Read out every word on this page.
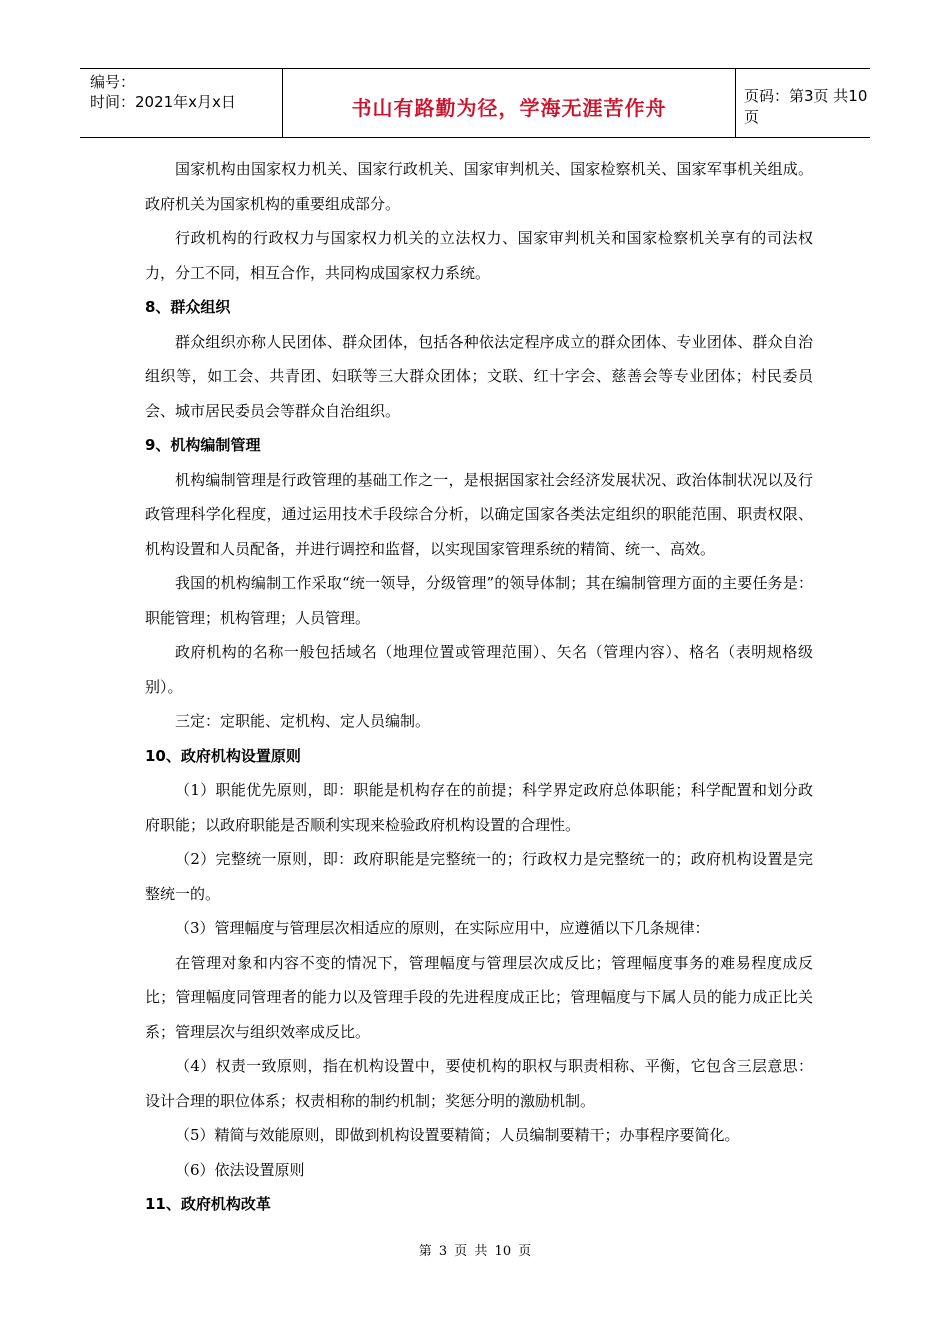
编号：
时间：2021年x月x日	书山有路勤为径，学海无涯苦作舟	页码：第3页 共10页

国家机构由国家权力机关、国家行政机关、国家审判机关、国家检察机关、国家军事机关组成。政府机关为国家机构的重要组成部分。

行政机构的行政权力与国家权力机关的立法权力、国家审判机关和国家检察机关享有的司法权力，分工不同，相互合作，共同构成国家权力系统。

8、群众组织

群众组织亦称人民团体、群众团体，包括各种依法定程序成立的群众团体、专业团体、群众自治组织等，如工会、共青团、妇联等三大群众团体；文联、红十字会、慈善会等专业团体；村民委员会、城市居民委员会等群众自治组织。

9、机构编制管理

机构编制管理是行政管理的基础工作之一，是根据国家社会经济发展状况、政治体制状况以及行政管理科学化程度，通过运用技术手段综合分析，以确定国家各类法定组织的职能范围、职责权限、机构设置和人员配备，并进行调控和监督，以实现国家管理系统的精简、统一、高效。

我国的机构编制工作采取“统一领导，分级管理”的领导体制；其在编制管理方面的主要任务是：职能管理；机构管理；人员管理。

政府机构的名称一般包括域名（地理位置或管理范围）、矢名（管理内容）、格名（表明规格级别）。

三定：定职能、定机构、定人员编制。

10、政府机构设置原则

（1）职能优先原则，即：职能是机构存在的前提；科学界定政府总体职能；科学配置和划分政府职能；以政府职能是否顺利实现来检验政府机构设置的合理性。

（2）完整统一原则，即：政府职能是完整统一的；行政权力是完整统一的；政府机构设置是完整统一的。

（3）管理幅度与管理层次相适应的原则，在实际应用中，应遵循以下几条规律：

在管理对象和内容不变的情况下，管理幅度与管理层次成反比；管理幅度事务的难易程度成反比；管理幅度同管理者的能力以及管理手段的先进程度成正比；管理幅度与下属人员的能力成正比关系；管理层次与组织效率成反比。

（4）权责一致原则，指在机构设置中，要使机构的职权与职责相称、平衡，它包含三层意思：设计合理的职位体系；权责相称的制约机制；奖惩分明的激励机制。

（5）精简与效能原则，即做到机构设置要精简；人员编制要精干；办事程序要简化。

（6）依法设置原则

11、政府机构改革
第 3 页 共 10 页
